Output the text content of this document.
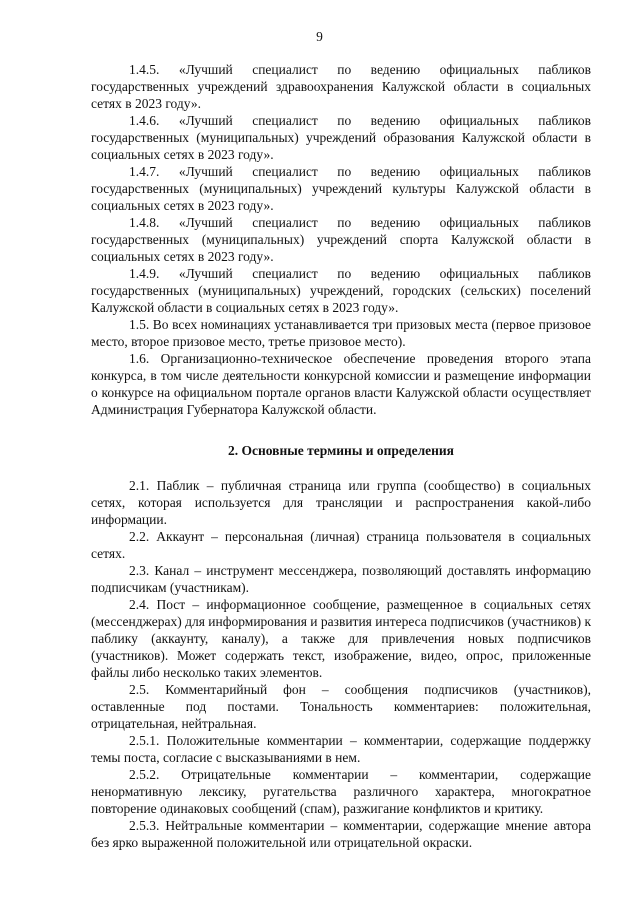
9

1.4.5. «Лучший специалист по ведению официальных пабликов государственных учреждений здравоохранения Калужской области в социальных сетях в 2023 году».

1.4.6. «Лучший специалист по ведению официальных пабликов государственных (муниципальных) учреждений образования Калужской области в социальных сетях в 2023 году».

1.4.7. «Лучший специалист по ведению официальных пабликов государственных (муниципальных) учреждений культуры Калужской области в социальных сетях в 2023 году».

1.4.8. «Лучший специалист по ведению официальных пабликов государственных (муниципальных) учреждений спорта Калужской области в социальных сетях в 2023 году».

1.4.9. «Лучший специалист по ведению официальных пабликов государственных (муниципальных) учреждений, городских (сельских) поселений Калужской области в социальных сетях в 2023 году».

1.5. Во всех номинациях устанавливается три призовых места (первое призовое место, второе призовое место, третье призовое место).

1.6. Организационно-техническое обеспечение проведения второго этапа конкурса, в том числе деятельности конкурсной комиссии и размещение информации о конкурсе на официальном портале органов власти Калужской области осуществляет Администрация Губернатора Калужской области.

2. Основные термины и определения

2.1. Паблик – публичная страница или группа (сообщество) в социальных сетях, которая используется для трансляции и распространения какой-либо информации.

2.2. Аккаунт – персональная (личная) страница пользователя в социальных сетях.

2.3. Канал – инструмент мессенджера, позволяющий доставлять информацию подписчикам (участникам).

2.4. Пост – информационное сообщение, размещенное в социальных сетях (мессенджерах) для информирования и развития интереса подписчиков (участников) к паблику (аккаунту, каналу), а также для привлечения новых подписчиков (участников). Может содержать текст, изображение, видео, опрос, приложенные файлы либо несколько таких элементов.

2.5. Комментарийный фон – сообщения подписчиков (участников), оставленные под постами. Тональность комментариев: положительная, отрицательная, нейтральная.

2.5.1. Положительные комментарии – комментарии, содержащие поддержку темы поста, согласие с высказываниями в нем.

2.5.2. Отрицательные комментарии – комментарии, содержащие ненормативную лексику, ругательства различного характера, многократное повторение одинаковых сообщений (спам), разжигание конфликтов и критику.

2.5.3. Нейтральные комментарии – комментарии, содержащие мнение автора без ярко выраженной положительной или отрицательной окраски.
